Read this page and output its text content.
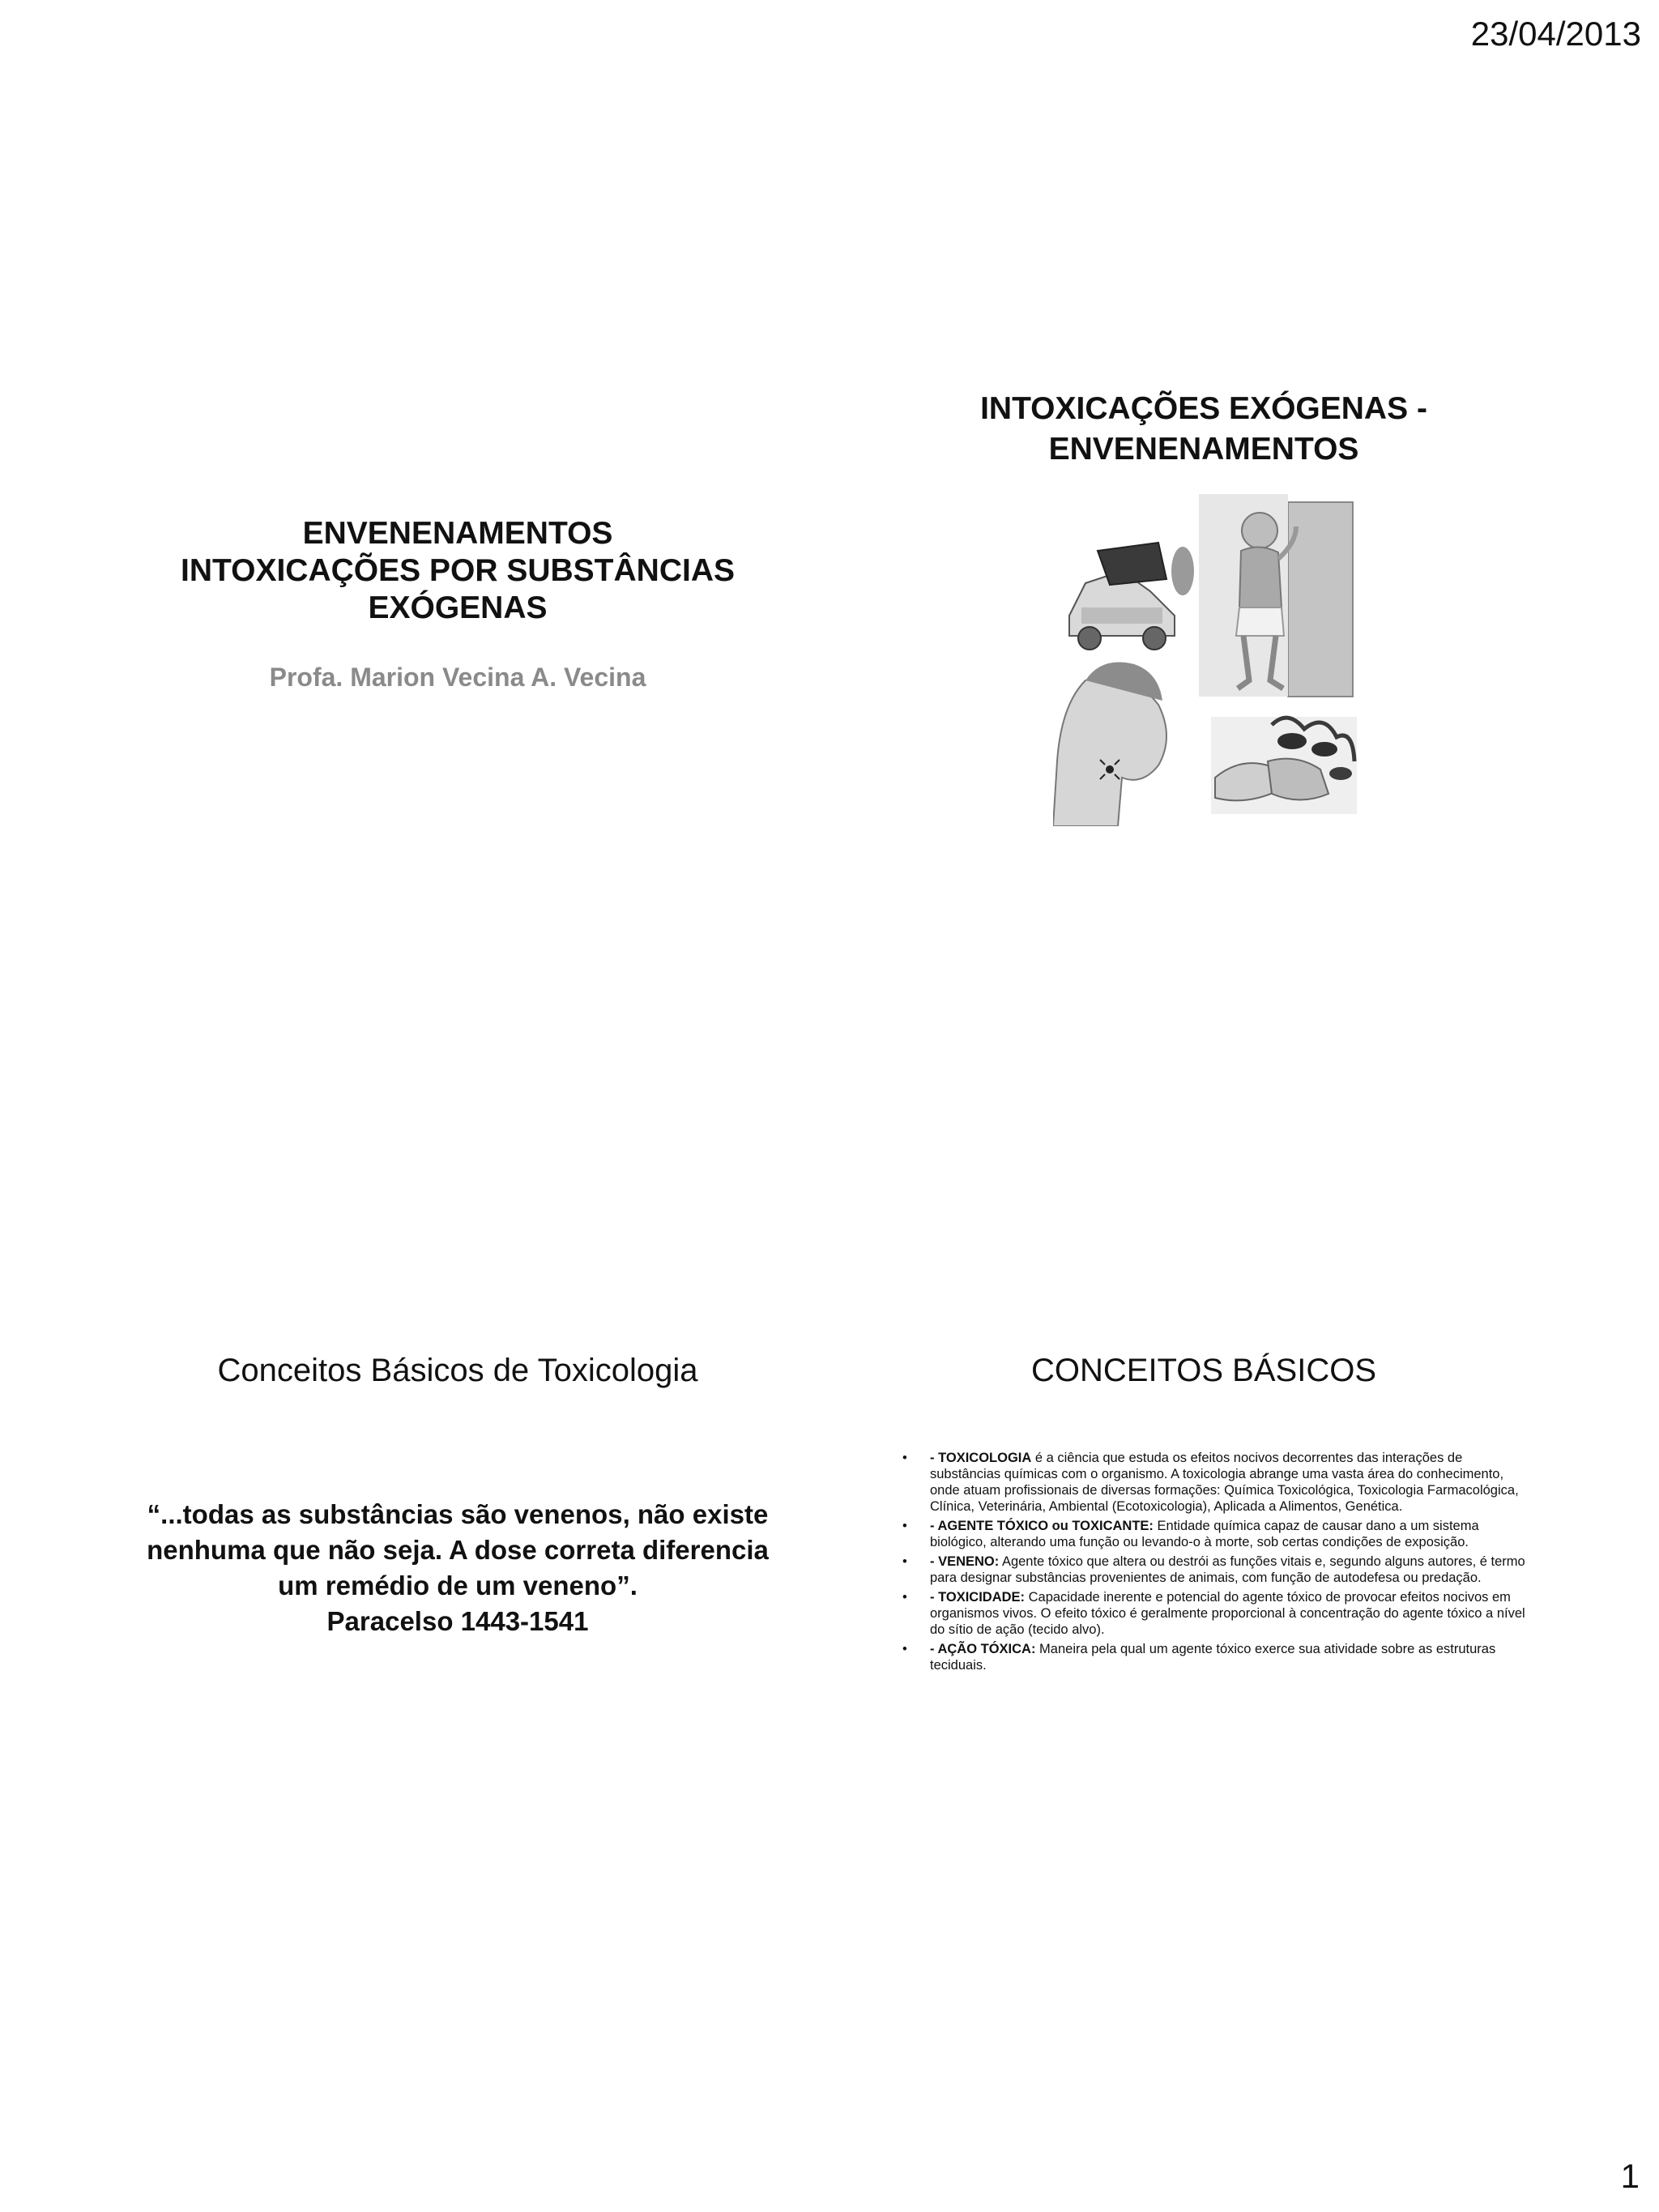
23/04/2013
ENVENENAMENTOS
INTOXICAÇÕES POR SUBSTÂNCIAS
EXÓGENAS
Profa. Marion Vecina A. Vecina
INTOXICAÇÕES EXÓGENAS -
ENVENENAMENTOS
Conceitos Básicos de Toxicologia
“...todas as substâncias são venenos, não existe nenhuma que não seja. A dose correta diferencia um remédio de um veneno”.
Paracelso 1443-1541
CONCEITOS BÁSICOS
• - TOXICOLOGIA é a ciência que estuda os efeitos nocivos decorrentes das interações de substâncias químicas com o organismo. A toxicologia abrange uma vasta área do conhecimento, onde atuam profissionais de diversas formações: Química Toxicológica, Toxicologia Farmacológica, Clínica, Veterinária, Ambiental (Ecotoxicologia), Aplicada a Alimentos, Genética.
• - AGENTE TÓXICO ou TOXICANTE: Entidade química capaz de causar dano a um sistema biológico, alterando uma função ou levando-o à morte, sob certas condições de exposição.
• - VENENO: Agente tóxico que altera ou destrói as funções vitais e, segundo alguns autores, é termo para designar substâncias provenientes de animais, com função de autodefesa ou predação.
• - TOXICIDADE: Capacidade inerente e potencial do agente tóxico de provocar efeitos nocivos em organismos vivos. O efeito tóxico é geralmente proporcional à concentração do agente tóxico a nível do sítio de ação (tecido alvo).
• - AÇÃO TÓXICA: Maneira pela qual um agente tóxico exerce sua atividade sobre as estruturas teciduais.
1
